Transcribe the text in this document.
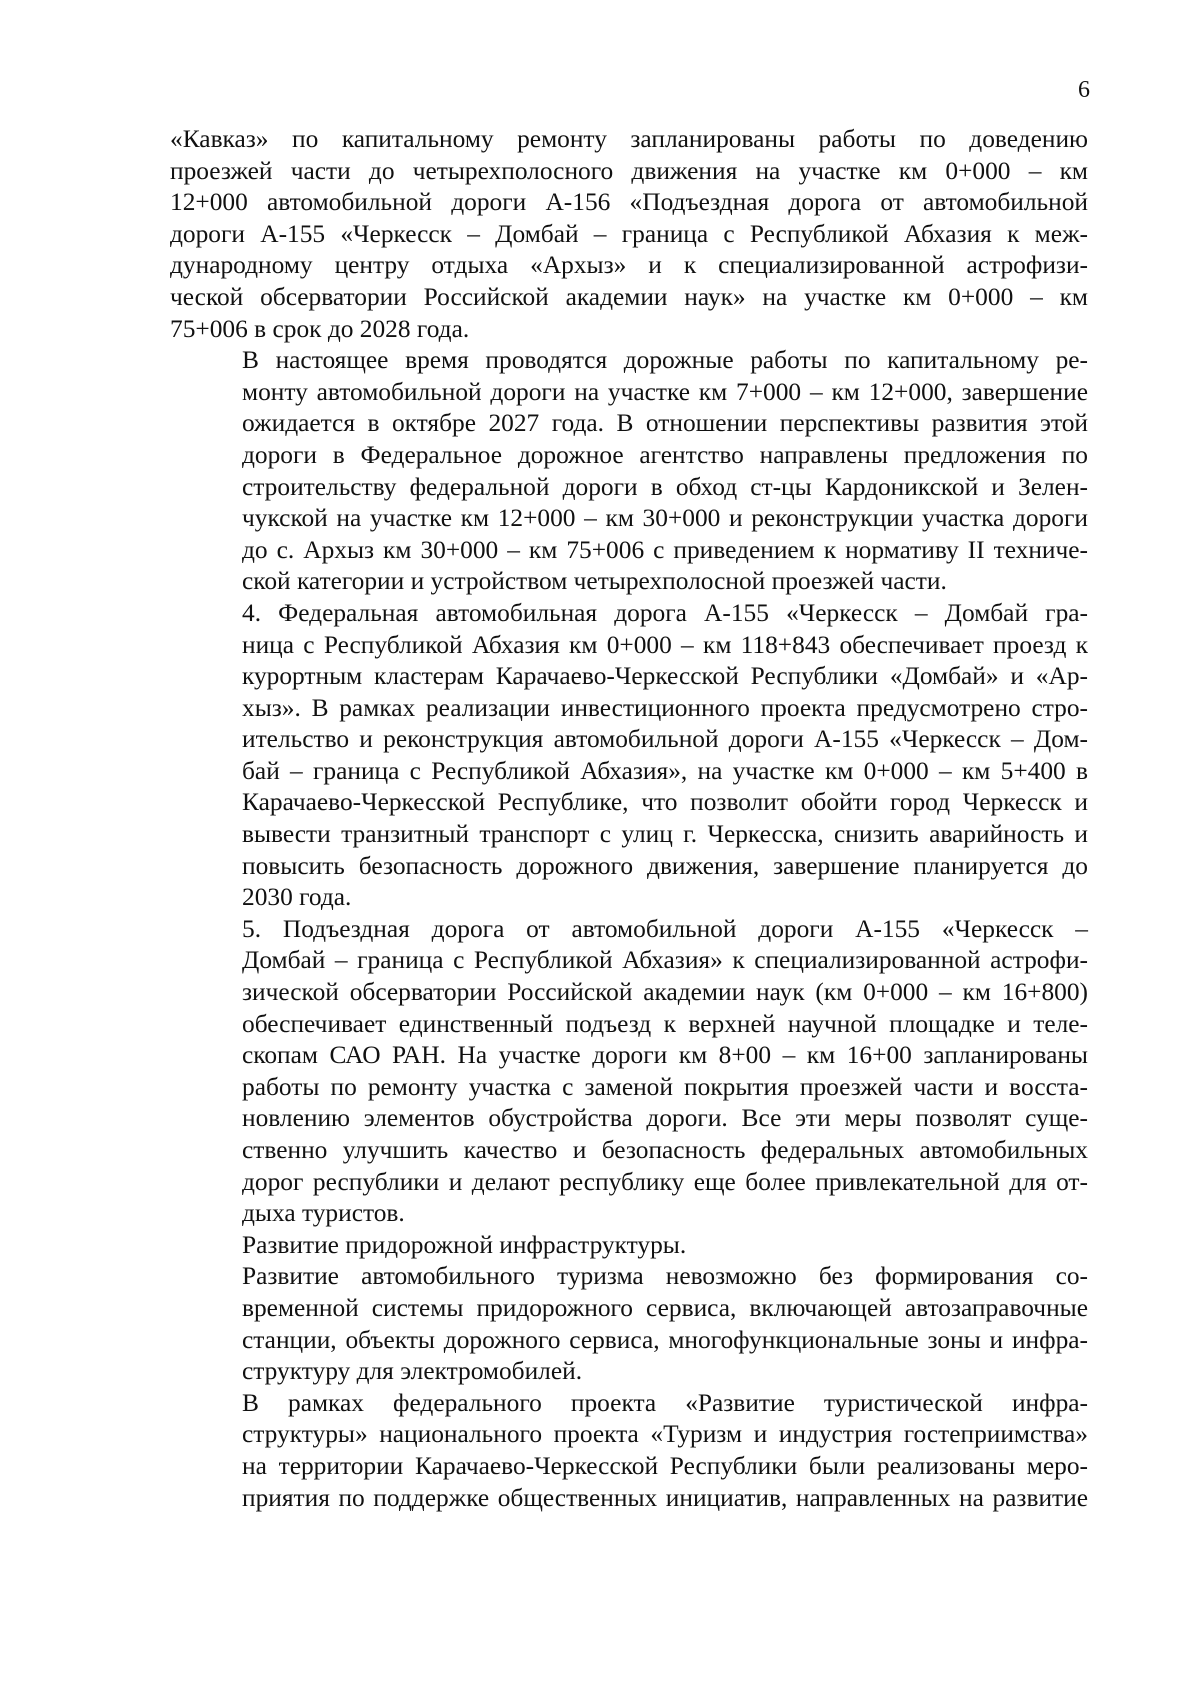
6
«Кавказ» по капитальному ремонту запланированы работы по доведению
проезжей части до четырехполосного движения на участке км 0+000 – км
12+000 автомобильной дороги А-156 «Подъездная дорога от автомобильной
дороги А-155 «Черкесск – Домбай – граница с Республикой Абхазия к меж-
дународному центру отдыха «Архыз» и к специализированной астрофизи-
ческой обсерватории Российской академии наук» на участке км 0+000 – км
75+006 в срок до 2028 года.
В настоящее время проводятся дорожные работы по капитальному ре-
монту автомобильной дороги на участке км 7+000 – км 12+000, завершение
ожидается в октябре 2027 года. В отношении перспективы развития этой
дороги в Федеральное дорожное агентство направлены предложения по
строительству федеральной дороги в обход ст-цы Кардоникской и Зелен-
чукской на участке км 12+000 – км 30+000 и реконструкции участка дороги
до с. Архыз км 30+000 – км 75+006 с приведением к нормативу II техниче-
ской категории и устройством четырехполосной проезжей части.
4. Федеральная автомобильная дорога А-155 «Черкесск – Домбай гра-
ница с Республикой Абхазия км 0+000 – км 118+843 обеспечивает проезд к
курортным кластерам Карачаево-Черкесской Республики «Домбай» и «Ар-
хыз». В рамках реализации инвестиционного проекта предусмотрено стро-
ительство и реконструкция автомобильной дороги А-155 «Черкесск – Дом-
бай – граница с Республикой Абхазия», на участке км 0+000 – км 5+400 в
Карачаево-Черкесской Республике, что позволит обойти город Черкесск и
вывести транзитный транспорт с улиц г. Черкесска, снизить аварийность и
повысить безопасность дорожного движения, завершение планируется до
2030 года.
5. Подъездная дорога от автомобильной дороги А-155 «Черкесск –
Домбай – граница с Республикой Абхазия» к специализированной астрофи-
зической обсерватории Российской академии наук (км 0+000 – км 16+800)
обеспечивает единственный подъезд к верхней научной площадке и теле-
скопам САО РАН. На участке дороги км 8+00 – км 16+00 запланированы
работы по ремонту участка с заменой покрытия проезжей части и восста-
новлению элементов обустройства дороги. Все эти меры позволят суще-
ственно улучшить качество и безопасность федеральных автомобильных
дорог республики и делают республику еще более привлекательной для от-
дыха туристов.
Развитие придорожной инфраструктуры.
Развитие автомобильного туризма невозможно без формирования со-
временной системы придорожного сервиса, включающей автозаправочные
станции, объекты дорожного сервиса, многофункциональные зоны и инфра-
структуру для электромобилей.
В рамках федерального проекта «Развитие туристической инфра-
структуры» национального проекта «Туризм и индустрия гостеприимства»
на территории Карачаево-Черкесской Республики были реализованы меро-
приятия по поддержке общественных инициатив, направленных на развитие
